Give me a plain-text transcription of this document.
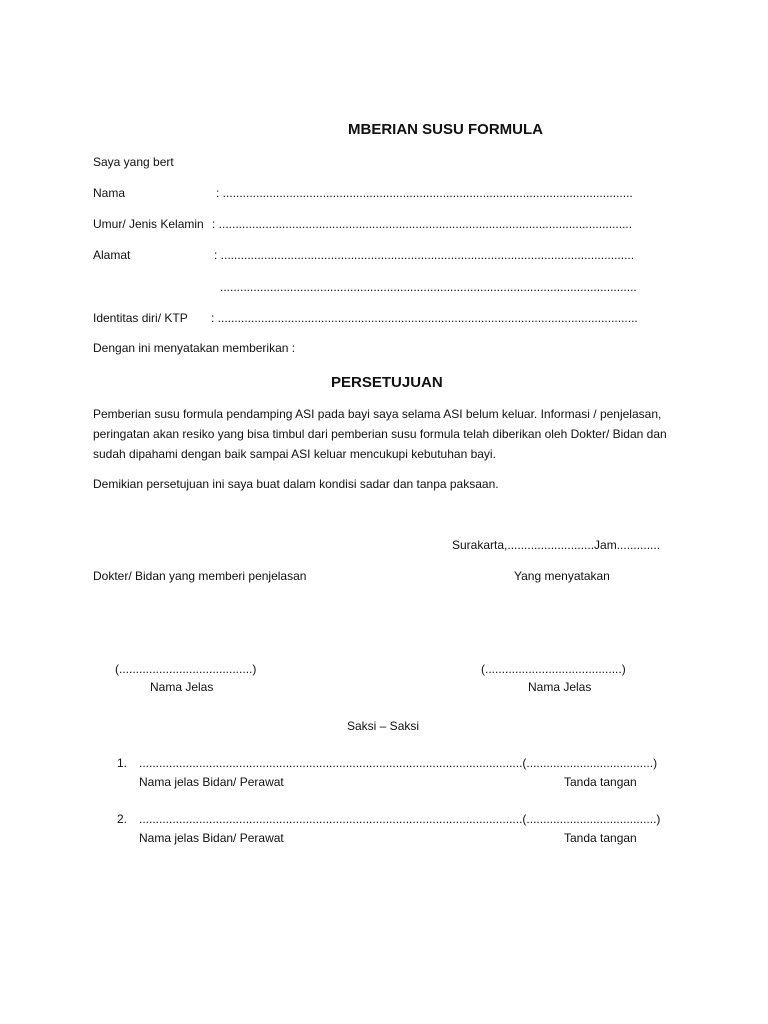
MBERIAN SUSU FORMULA
Saya yang bert
Nama	: ...........................................................................................................................
Umur/ Jenis Kelamin : ............................................................................................................................
Alamat	: ............................................................................................................................
.............................................................................................................................
Identitas diri/ KTP : ..............................................................................................................................
Dengan ini menyatakan memberikan :
PERSETUJUAN
Pemberian susu formula pendamping ASI pada bayi saya selama ASI belum keluar. Informasi / penjelasan, peringatan akan resiko yang bisa timbul dari pemberian susu formula telah diberikan oleh Dokter/ Bidan dan sudah dipahami dengan baik sampai ASI keluar mencukupi kebutuhan bayi.
Demikian persetujuan ini saya buat dalam kondisi sadar dan tanpa paksaan.
Surakarta,..........................Jam.............
Dokter/ Bidan yang memberi penjelasan	Yang menyatakan
(........................................)	(.........................................)
Nama Jelas	Nama Jelas
Saksi – Saksi
1. ...................................................................................................................(......................................)
Nama jelas Bidan/ Perawat	Tanda tangan
2. ...................................................................................................................(.......................................)
Nama jelas Bidan/ Perawat	Tanda tangan
